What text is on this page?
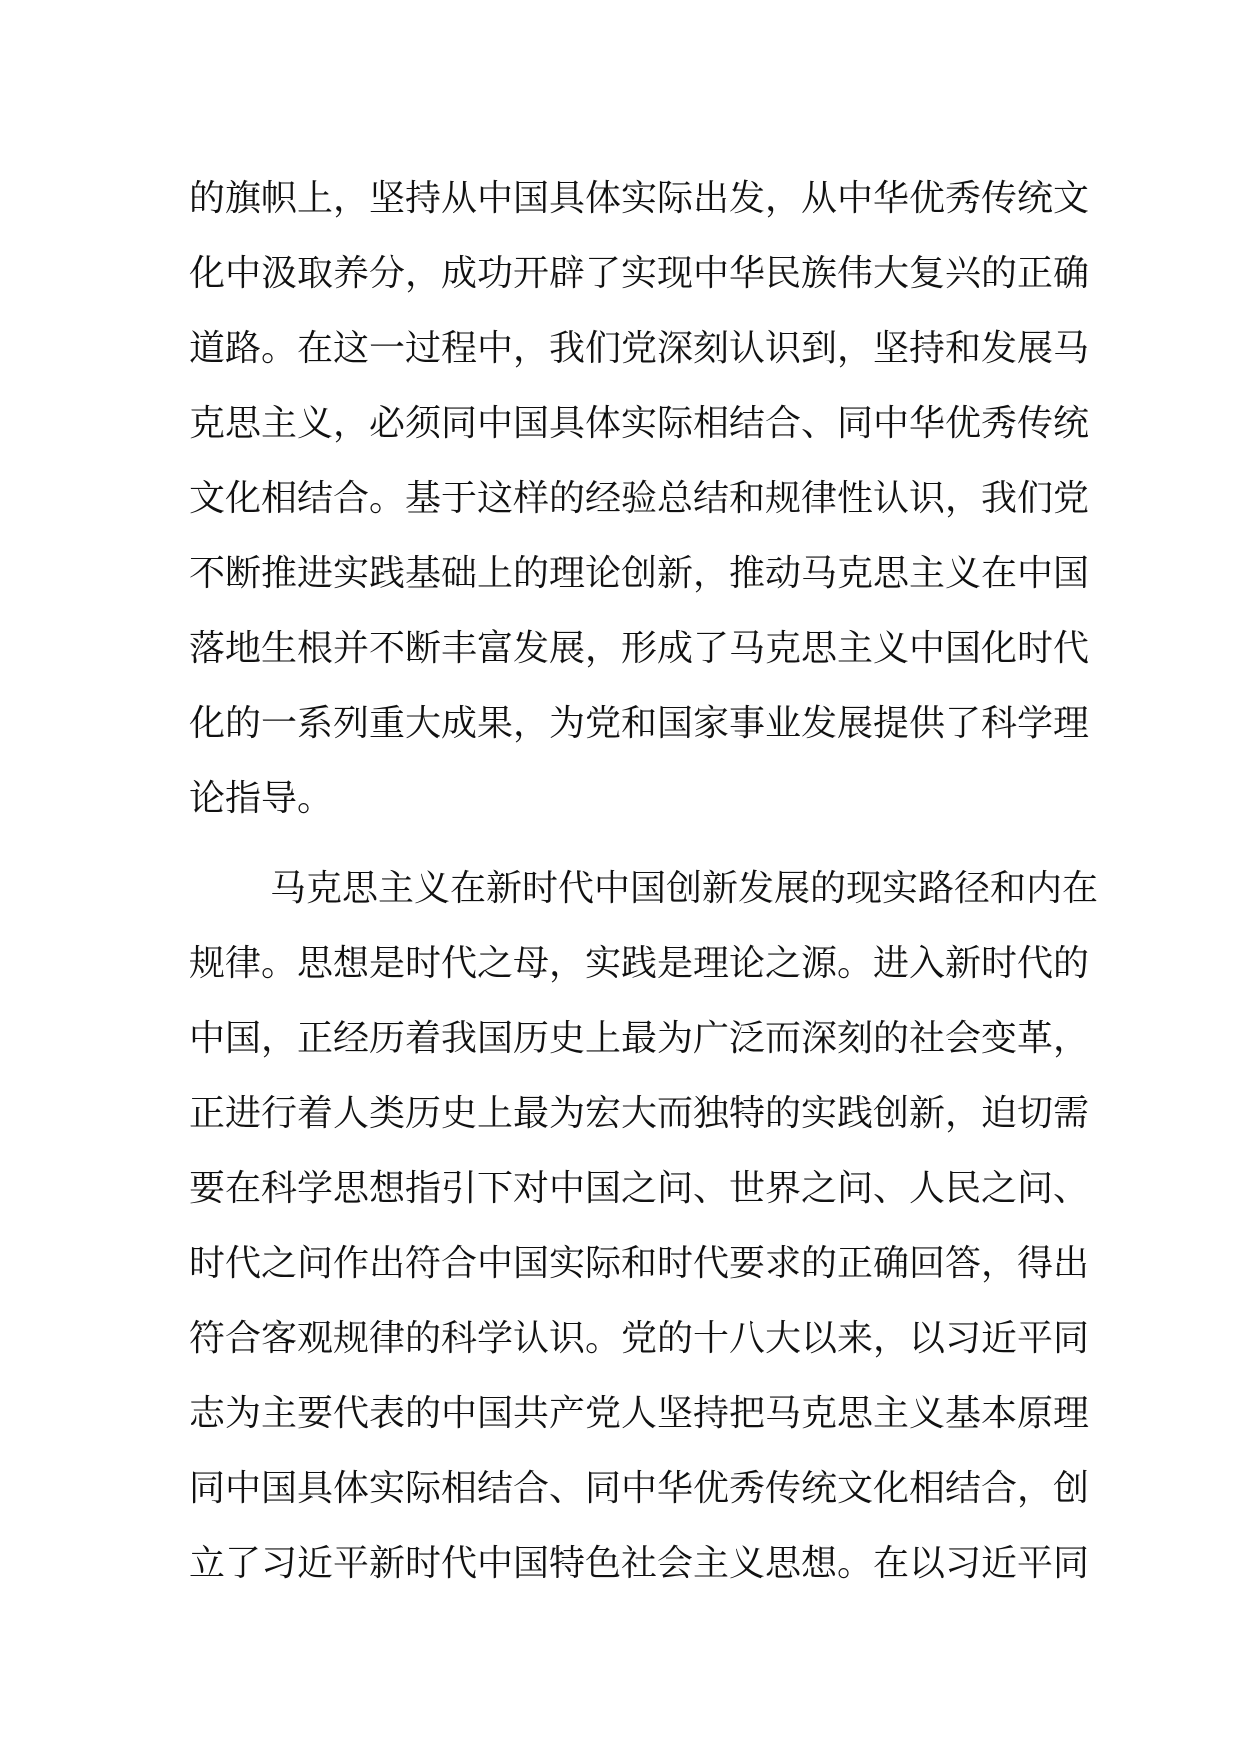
的旗帜上，坚持从中国具体实际出发，从中华优秀传统文
化中汲取养分，成功开辟了实现中华民族伟大复兴的正确
道路。在这一过程中，我们党深刻认识到，坚持和发展马
克思主义，必须同中国具体实际相结合、同中华优秀传统
文化相结合。基于这样的经验总结和规律性认识，我们党
不断推进实践基础上的理论创新，推动马克思主义在中国
落地生根并不断丰富发展，形成了马克思主义中国化时代
化的一系列重大成果，为党和国家事业发展提供了科学理
论指导。
马克思主义在新时代中国创新发展的现实路径和内在
规律。思想是时代之母，实践是理论之源。进入新时代的
中国，正经历着我国历史上最为广泛而深刻的社会变革，
正进行着人类历史上最为宏大而独特的实践创新，迫切需
要在科学思想指引下对中国之问、世界之问、人民之问、
时代之问作出符合中国实际和时代要求的正确回答，得出
符合客观规律的科学认识。党的十八大以来，以习近平同
志为主要代表的中国共产党人坚持把马克思主义基本原理
同中国具体实际相结合、同中华优秀传统文化相结合，创
立了习近平新时代中国特色社会主义思想。在以习近平同
